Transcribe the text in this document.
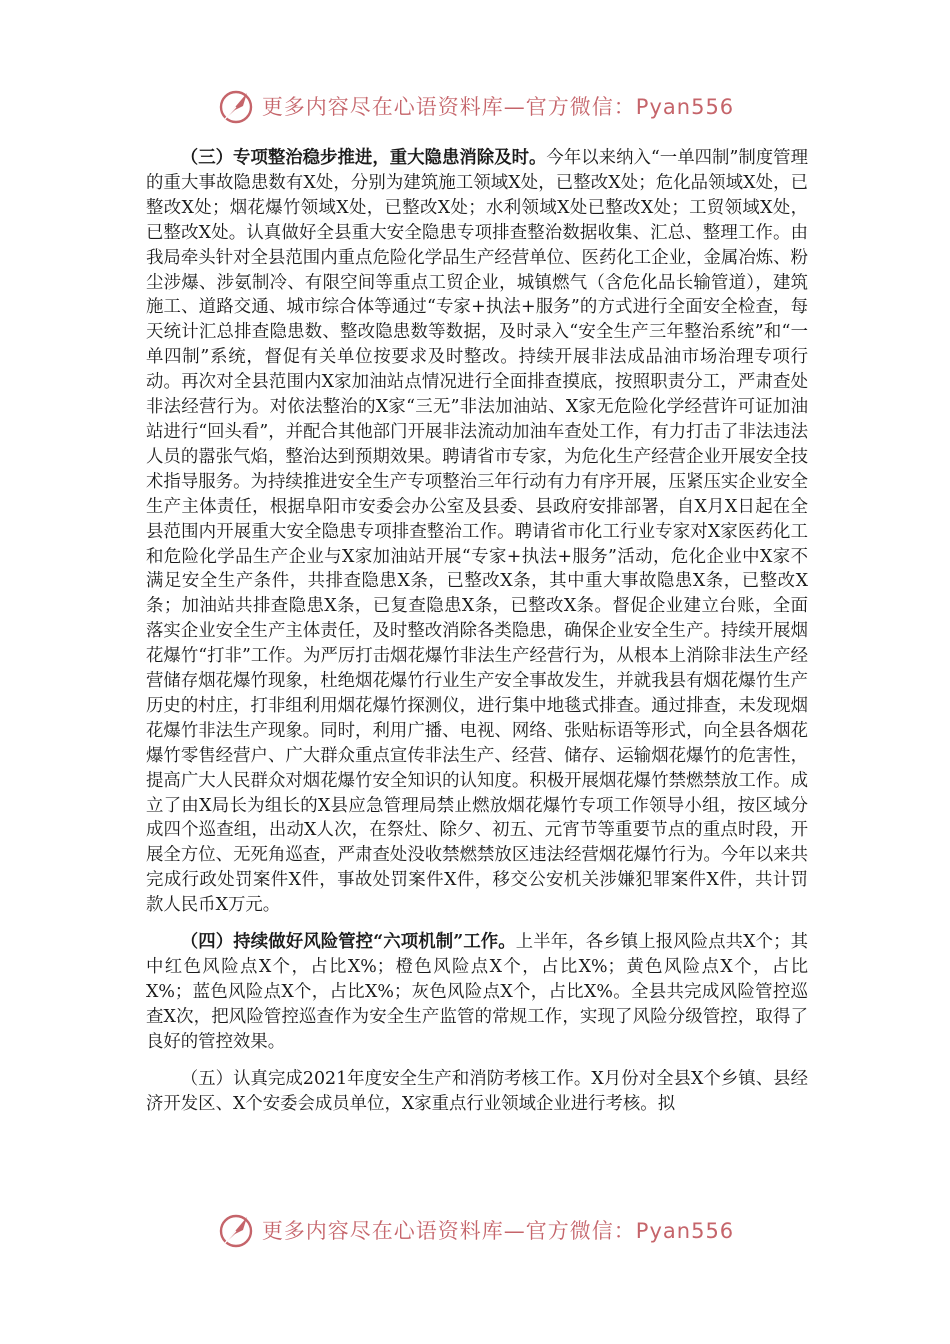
更多内容尽在心语资料库—官方微信：Pyan556

（三）专项整治稳步推进，重大隐患消除及时。今年以来纳入“一单四制”制度管理的重大事故隐患数有X处，分别为建筑施工领域X处，已整改X处；危化品领域X处，已整改X处；烟花爆竹领域X处，已整改X处；水利领域X处已整改X处；工贸领域X处，已整改X处。认真做好全县重大安全隐患专项排查整治数据收集、汇总、整理工作。由我局牵头针对全县范围内重点危险化学品生产经营单位、医药化工企业，金属冶炼、粉尘涉爆、涉氨制冷、有限空间等重点工贸企业，城镇燃气（含危化品长输管道），建筑施工、道路交通、城市综合体等通过“专家+执法+服务”的方式进行全面安全检查，每天统计汇总排查隐患数、整改隐患数等数据，及时录入“安全生产三年整治系统”和“一单四制”系统，督促有关单位按要求及时整改。持续开展非法成品油市场治理专项行动。再次对全县范围内X家加油站点情况进行全面排查摸底，按照职责分工，严肃查处非法经营行为。对依法整治的X家“三无”非法加油站、X家无危险化学经营许可证加油站进行“回头看”，并配合其他部门开展非法流动加油车查处工作，有力打击了非法违法人员的嚣张气焰，整治达到预期效果。聘请省市专家，为危化生产经营企业开展安全技术指导服务。为持续推进安全生产专项整治三年行动有力有序开展，压紧压实企业安全生产主体责任，根据阜阳市安委会办公室及县委、县政府安排部署，自X月X日起在全县范围内开展重大安全隐患专项排查整治工作。聘请省市化工行业专家对X家医药化工和危险化学品生产企业与X家加油站开展“专家+执法+服务”活动，危化企业中X家不满足安全生产条件，共排查隐患X条，已整改X条，其中重大事故隐患X条，已整改X条；加油站共排查隐患X条，已复查隐患X条，已整改X条。督促企业建立台账，全面落实企业安全生产主体责任，及时整改消除各类隐患，确保企业安全生产。持续开展烟花爆竹“打非”工作。为严厉打击烟花爆竹非法生产经营行为，从根本上消除非法生产经营储存烟花爆竹现象，杜绝烟花爆竹行业生产安全事故发生，并就我县有烟花爆竹生产历史的村庄，打非组利用烟花爆竹探测仪，进行集中地毯式排查。通过排查，未发现烟花爆竹非法生产现象。同时，利用广播、电视、网络、张贴标语等形式，向全县各烟花爆竹零售经营户、广大群众重点宣传非法生产、经营、储存、运输烟花爆竹的危害性，提高广大人民群众对烟花爆竹安全知识的认知度。积极开展烟花爆竹禁燃禁放工作。成立了由X局长为组长的X县应急管理局禁止燃放烟花爆竹专项工作领导小组，按区域分成四个巡查组，出动X人次，在祭灶、除夕、初五、元宵节等重要节点的重点时段，开展全方位、无死角巡查，严肃查处没收禁燃禁放区违法经营烟花爆竹行为。今年以来共完成行政处罚案件X件，事故处罚案件X件，移交公安机关涉嫌犯罪案件X件，共计罚款人民币X万元。

（四）持续做好风险管控“六项机制”工作。上半年，各乡镇上报风险点共X个；其中红色风险点X个，占比X%；橙色风险点X个，占比X%；黄色风险点X个，占比X%；蓝色风险点X个，占比X%；灰色风险点X个，占比X%。全县共完成风险管控巡查X次，把风险管控巡查作为安全生产监管的常规工作，实现了风险分级管控，取得了良好的管控效果。

（五）认真完成2021年度安全生产和消防考核工作。X月份对全县X个乡镇、县经济开发区、X个安委会成员单位，X家重点行业领域企业进行考核。拟

更多内容尽在心语资料库—官方微信：Pyan556
